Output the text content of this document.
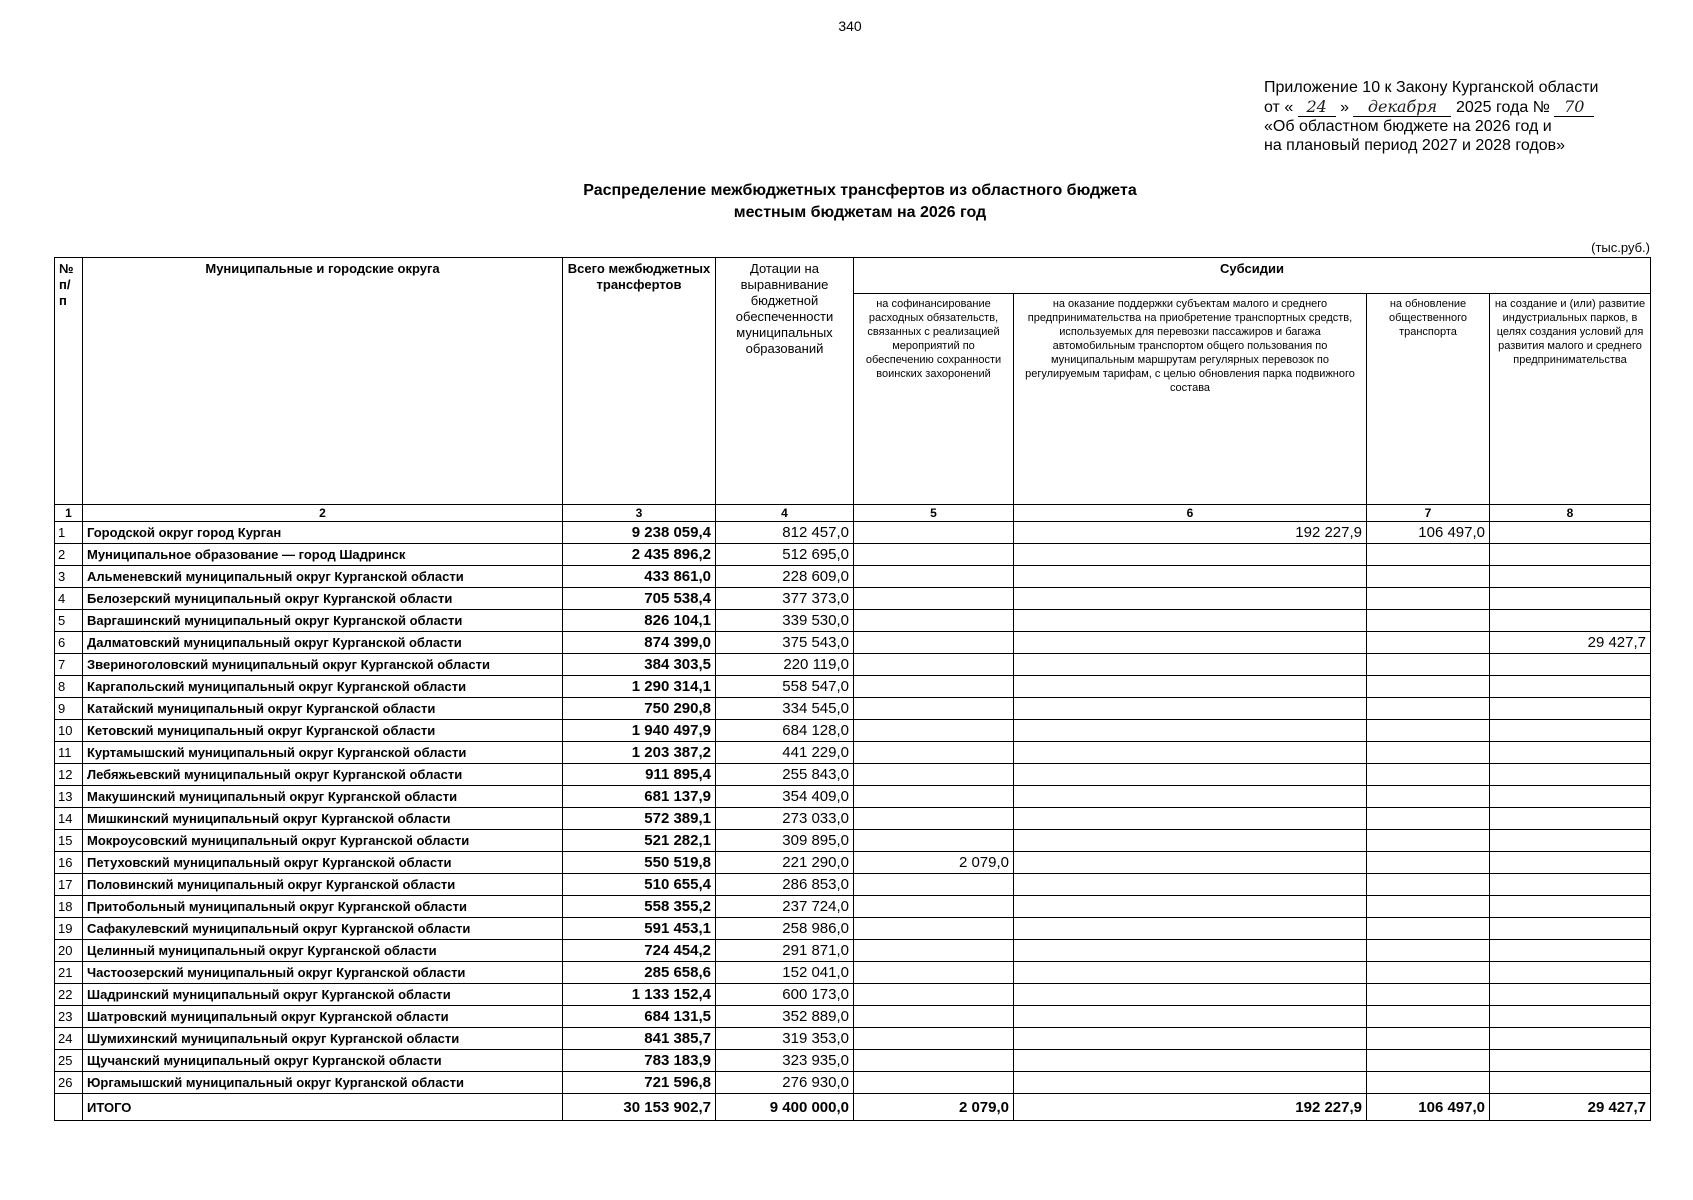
340
Приложение 10 к Закону Курганской области
от « 24 » декабря 2025 года № 70
«Об областном бюджете на 2026 год и
на плановый период 2027 и 2028 годов»
Распределение межбюджетных трансфертов из областного бюджета
местным бюджетам на 2026 год
(тыс.руб.)
№ п/п	Муниципальные и городские округа	Всего межбюджетных трансфертов	Дотации на выравнивание бюджетной обеспеченности муниципальных образований	Субсидии			
				на софинансирование расходных обязательств, связанных с реализацией мероприятий по обеспечению сохранности воинских захоронений	на оказание поддержки субъектам малого и среднего предпринимательства на приобретение транспортных средств, используемых для перевозки пассажиров и багажа автомобильным транспортом общего пользования по муниципальным маршрутам регулярных перевозок по регулируемым тарифам, с целью обновления парка подвижного состава	на обновление общественного транспорта	на создание и (или) развитие индустриальных парков, в целях создания условий для развития малого и среднего предпринимательства
1	2	3	4	5	6	7	8
1	Городской округ город Курган	9 238 059,4	812 457,0		192 227,9	106 497,0	
2	Муниципальное образование — город Шадринск	2 435 896,2	512 695,0				
3	Альменевский муниципальный округ Курганской области	433 861,0	228 609,0				
4	Белозерский муниципальный округ Курганской области	705 538,4	377 373,0				
5	Варгашинский муниципальный округ Курганской области	826 104,1	339 530,0				
6	Далматовский муниципальный округ Курганской области	874 399,0	375 543,0				29 427,7
7	Звериноголовский муниципальный округ Курганской области	384 303,5	220 119,0				
8	Каргапольский муниципальный округ Курганской области	1 290 314,1	558 547,0				
9	Катайский муниципальный округ Курганской области	750 290,8	334 545,0				
10	Кетовский муниципальный округ Курганской области	1 940 497,9	684 128,0				
11	Куртамышский муниципальный округ Курганской области	1 203 387,2	441 229,0				
12	Лебяжьевский муниципальный округ Курганской области	911 895,4	255 843,0				
13	Макушинский муниципальный округ Курганской области	681 137,9	354 409,0				
14	Мишкинский муниципальный округ Курганской области	572 389,1	273 033,0				
15	Мокроусовский муниципальный округ Курганской области	521 282,1	309 895,0				
16	Петуховский муниципальный округ Курганской области	550 519,8	221 290,0	2 079,0			
17	Половинский муниципальный округ Курганской области	510 655,4	286 853,0				
18	Притобольный муниципальный округ Курганской области	558 355,2	237 724,0				
19	Сафакулевский муниципальный округ Курганской области	591 453,1	258 986,0				
20	Целинный муниципальный округ Курганской области	724 454,2	291 871,0				
21	Частоозерский муниципальный округ Курганской области	285 658,6	152 041,0				
22	Шадринский муниципальный округ Курганской области	1 133 152,4	600 173,0				
23	Шатровский муниципальный округ Курганской области	684 131,5	352 889,0				
24	Шумихинский муниципальный округ Курганской области	841 385,7	319 353,0				
25	Щучанский муниципальный округ Курганской области	783 183,9	323 935,0				
26	Юргамышский муниципальный округ Курганской области	721 596,8	276 930,0				
	ИТОГО	30 153 902,7	9 400 000,0	2 079,0	192 227,9	106 497,0	29 427,7
